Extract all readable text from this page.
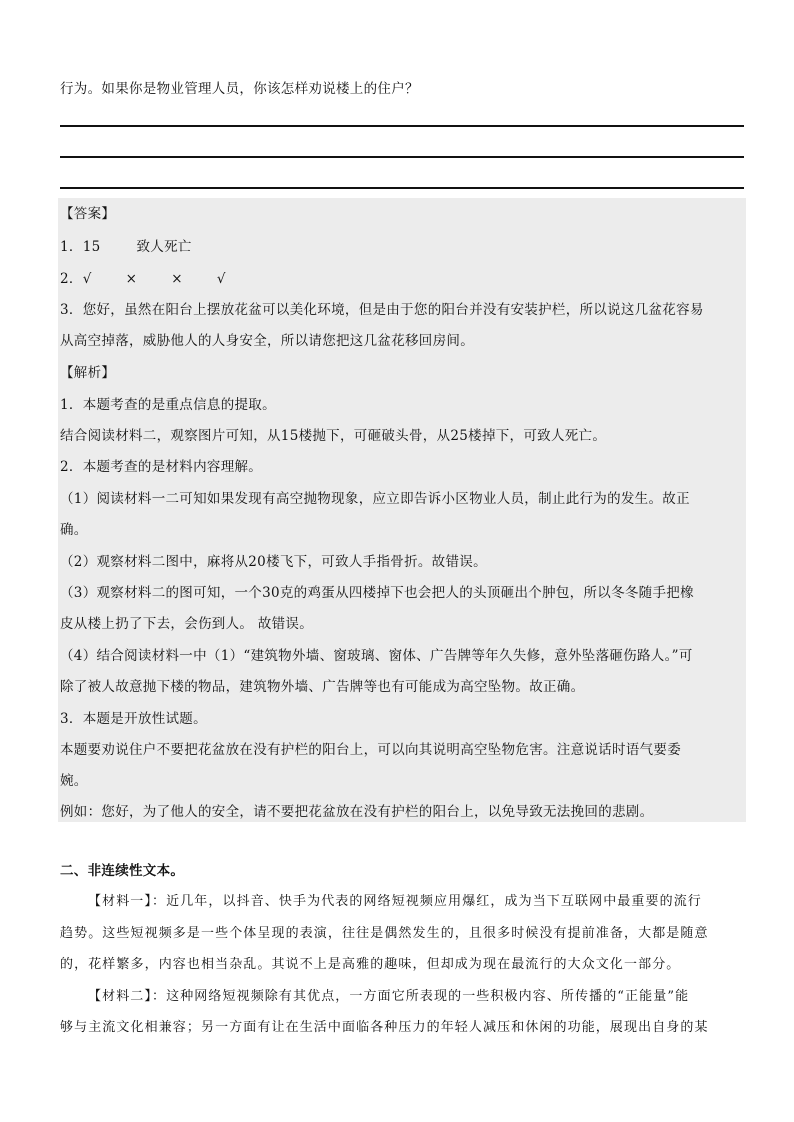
行为。如果你是物业管理人员，你该怎样劝说楼上的住户？
【答案】
1．15	致人死亡
2．√	×	×	√
3．您好，虽然在阳台上摆放花盆可以美化环境，但是由于您的阳台并没有安装护栏，所以说这几盆花容易
从高空掉落，威胁他人的人身安全，所以请您把这几盆花移回房间。
【解析】
1．本题考查的是重点信息的提取。
结合阅读材料二，观察图片可知，从15楼抛下，可砸破头骨，从25楼掉下，可致人死亡。
2．本题考查的是材料内容理解。
（1）阅读材料一二可知如果发现有高空抛物现象，应立即告诉小区物业人员，制止此行为的发生。故正
确。
（2）观察材料二图中，麻将从20楼飞下，可致人手指骨折。故错误。
（3）观察材料二的图可知，一个30克的鸡蛋从四楼掉下也会把人的头顶砸出个肿包，所以冬冬随手把橡
皮从楼上扔了下去，会伤到人。 故错误。
（4）结合阅读材料一中（1）“建筑物外墙、窗玻璃、窗体、广告牌等年久失修，意外坠落砸伤路人。”可
除了被人故意抛下楼的物品，建筑物外墙、广告牌等也有可能成为高空坠物。故正确。
3．本题是开放性试题。
本题要劝说住户不要把花盆放在没有护栏的阳台上，可以向其说明高空坠物危害。注意说话时语气要委
婉。
例如：您好，为了他人的安全，请不要把花盆放在没有护栏的阳台上，以免导致无法挽回的悲剧。
二、非连续性文本。
【材料一】：近几年，以抖音、快手为代表的网络短视频应用爆红，成为当下互联网中最重要的流行
趋势。这些短视频多是一些个体呈现的表演，往往是偶然发生的，且很多时候没有提前准备，大都是随意
的，花样繁多，内容也相当杂乱。其说不上是高雅的趣味，但却成为现在最流行的大众文化一部分。
【材料二】：这种网络短视频除有其优点，一方面它所表现的一些积极内容、所传播的“正能量”能
够与主流文化相兼容；另一方面有让在生活中面临各种压力的年轻人减压和休闲的功能，展现出自身的某
